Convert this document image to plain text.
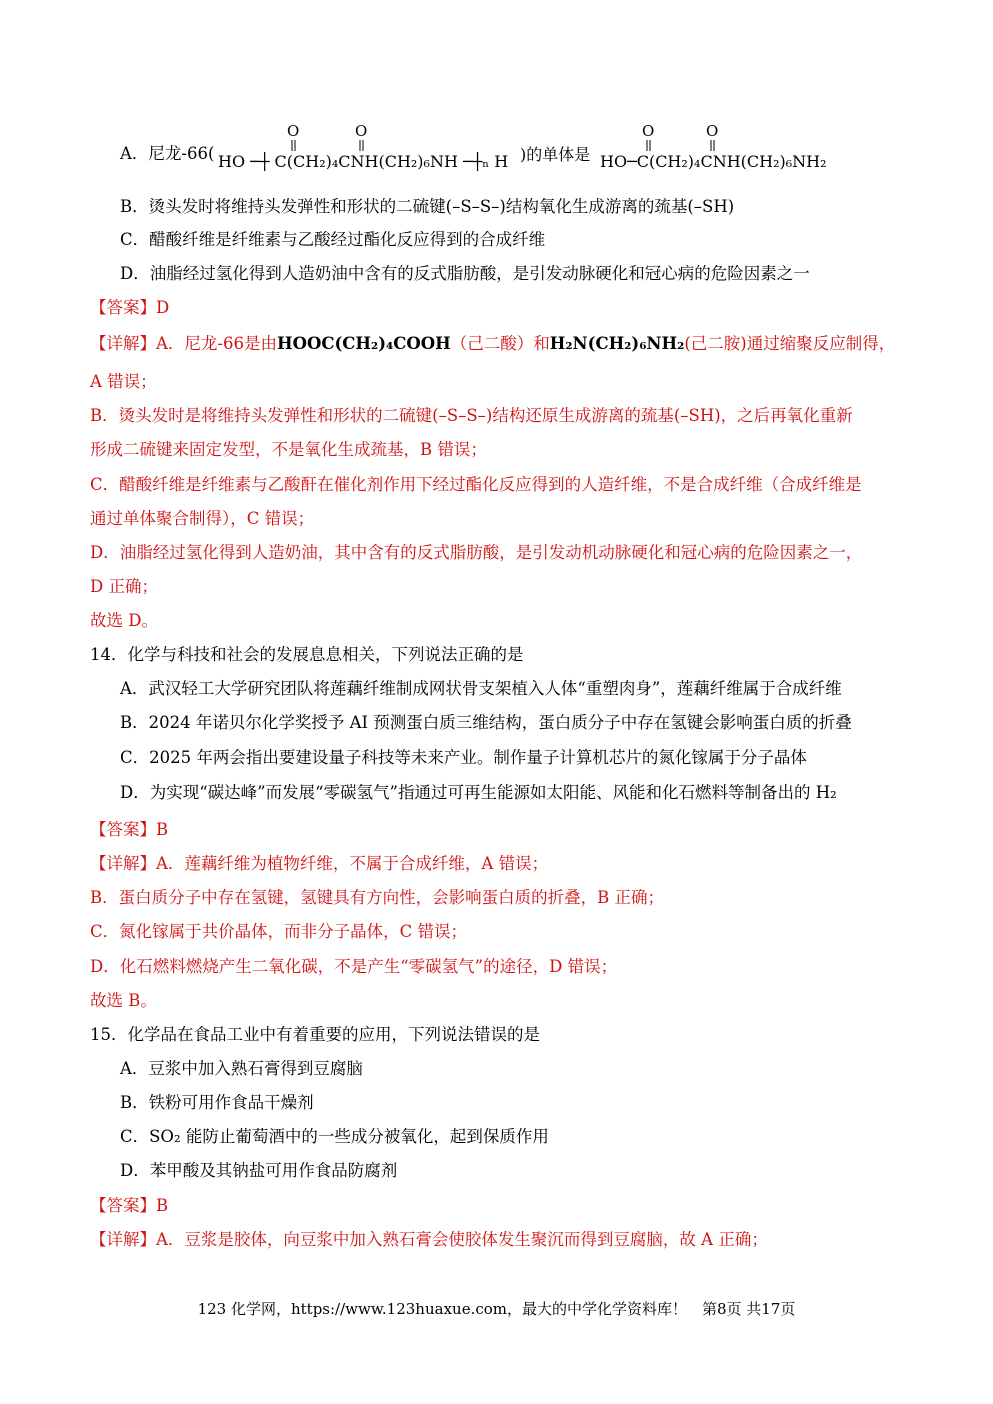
A．尼龙-66(
O	O
HO ─┼ C(CH₂)₄CNH(CH₂)₆NH ─┼ₙ H )的单体是
O	O
HO─C(CH₂)₄CNH(CH₂)₆NH₂
B．烫头发时将维持头发弹性和形状的二硫键(–S–S–)结构氧化生成游离的巯基(–SH)
C．醋酸纤维是纤维素与乙酸经过酯化反应得到的合成纤维
D．油脂经过氢化得到人造奶油中含有的反式脂肪酸，是引发动脉硬化和冠心病的危险因素之一
【答案】D
【详解】A．尼龙-66是由HOOC(CH₂)₄COOH（己二酸）和H₂N(CH₂)₆NH₂(己二胺)通过缩聚反应制得，
A 错误；
B．烫头发时是将维持头发弹性和形状的二硫键(–S–S–)结构还原生成游离的巯基(–SH)，之后再氧化重新
形成二硫键来固定发型，不是氧化生成巯基，B 错误；
C．醋酸纤维是纤维素与乙酸酐在催化剂作用下经过酯化反应得到的人造纤维，不是合成纤维（合成纤维是
通过单体聚合制得），C 错误；
D．油脂经过氢化得到人造奶油，其中含有的反式脂肪酸，是引发动机动脉硬化和冠心病的危险因素之一，
D 正确；
故选 D。
14．化学与科技和社会的发展息息相关，下列说法正确的是
A．武汉轻工大学研究团队将莲藕纤维制成网状骨支架植入人体“重塑肉身”，莲藕纤维属于合成纤维
B．2024 年诺贝尔化学奖授予 AI 预测蛋白质三维结构，蛋白质分子中存在氢键会影响蛋白质的折叠
C．2025 年两会指出要建设量子科技等未来产业。制作量子计算机芯片的氮化镓属于分子晶体
D．为实现“碳达峰”而发展“零碳氢气”指通过可再生能源如太阳能、风能和化石燃料等制备出的 H₂
【答案】B
【详解】A．莲藕纤维为植物纤维，不属于合成纤维，A 错误；
B．蛋白质分子中存在氢键，氢键具有方向性，会影响蛋白质的折叠，B 正确；
C．氮化镓属于共价晶体，而非分子晶体，C 错误；
D．化石燃料燃烧产生二氧化碳，不是产生“零碳氢气”的途径，D 错误；
故选 B。
15．化学品在食品工业中有着重要的应用，下列说法错误的是
A．豆浆中加入熟石膏得到豆腐脑
B．铁粉可用作食品干燥剂
C．SO₂ 能防止葡萄酒中的一些成分被氧化，起到保质作用
D．苯甲酸及其钠盐可用作食品防腐剂
【答案】B
【详解】A．豆浆是胶体，向豆浆中加入熟石膏会使胶体发生聚沉而得到豆腐脑，故 A 正确；
123 化学网，https://www.123huaxue.com，最大的中学化学资料库！　第8页 共17页
